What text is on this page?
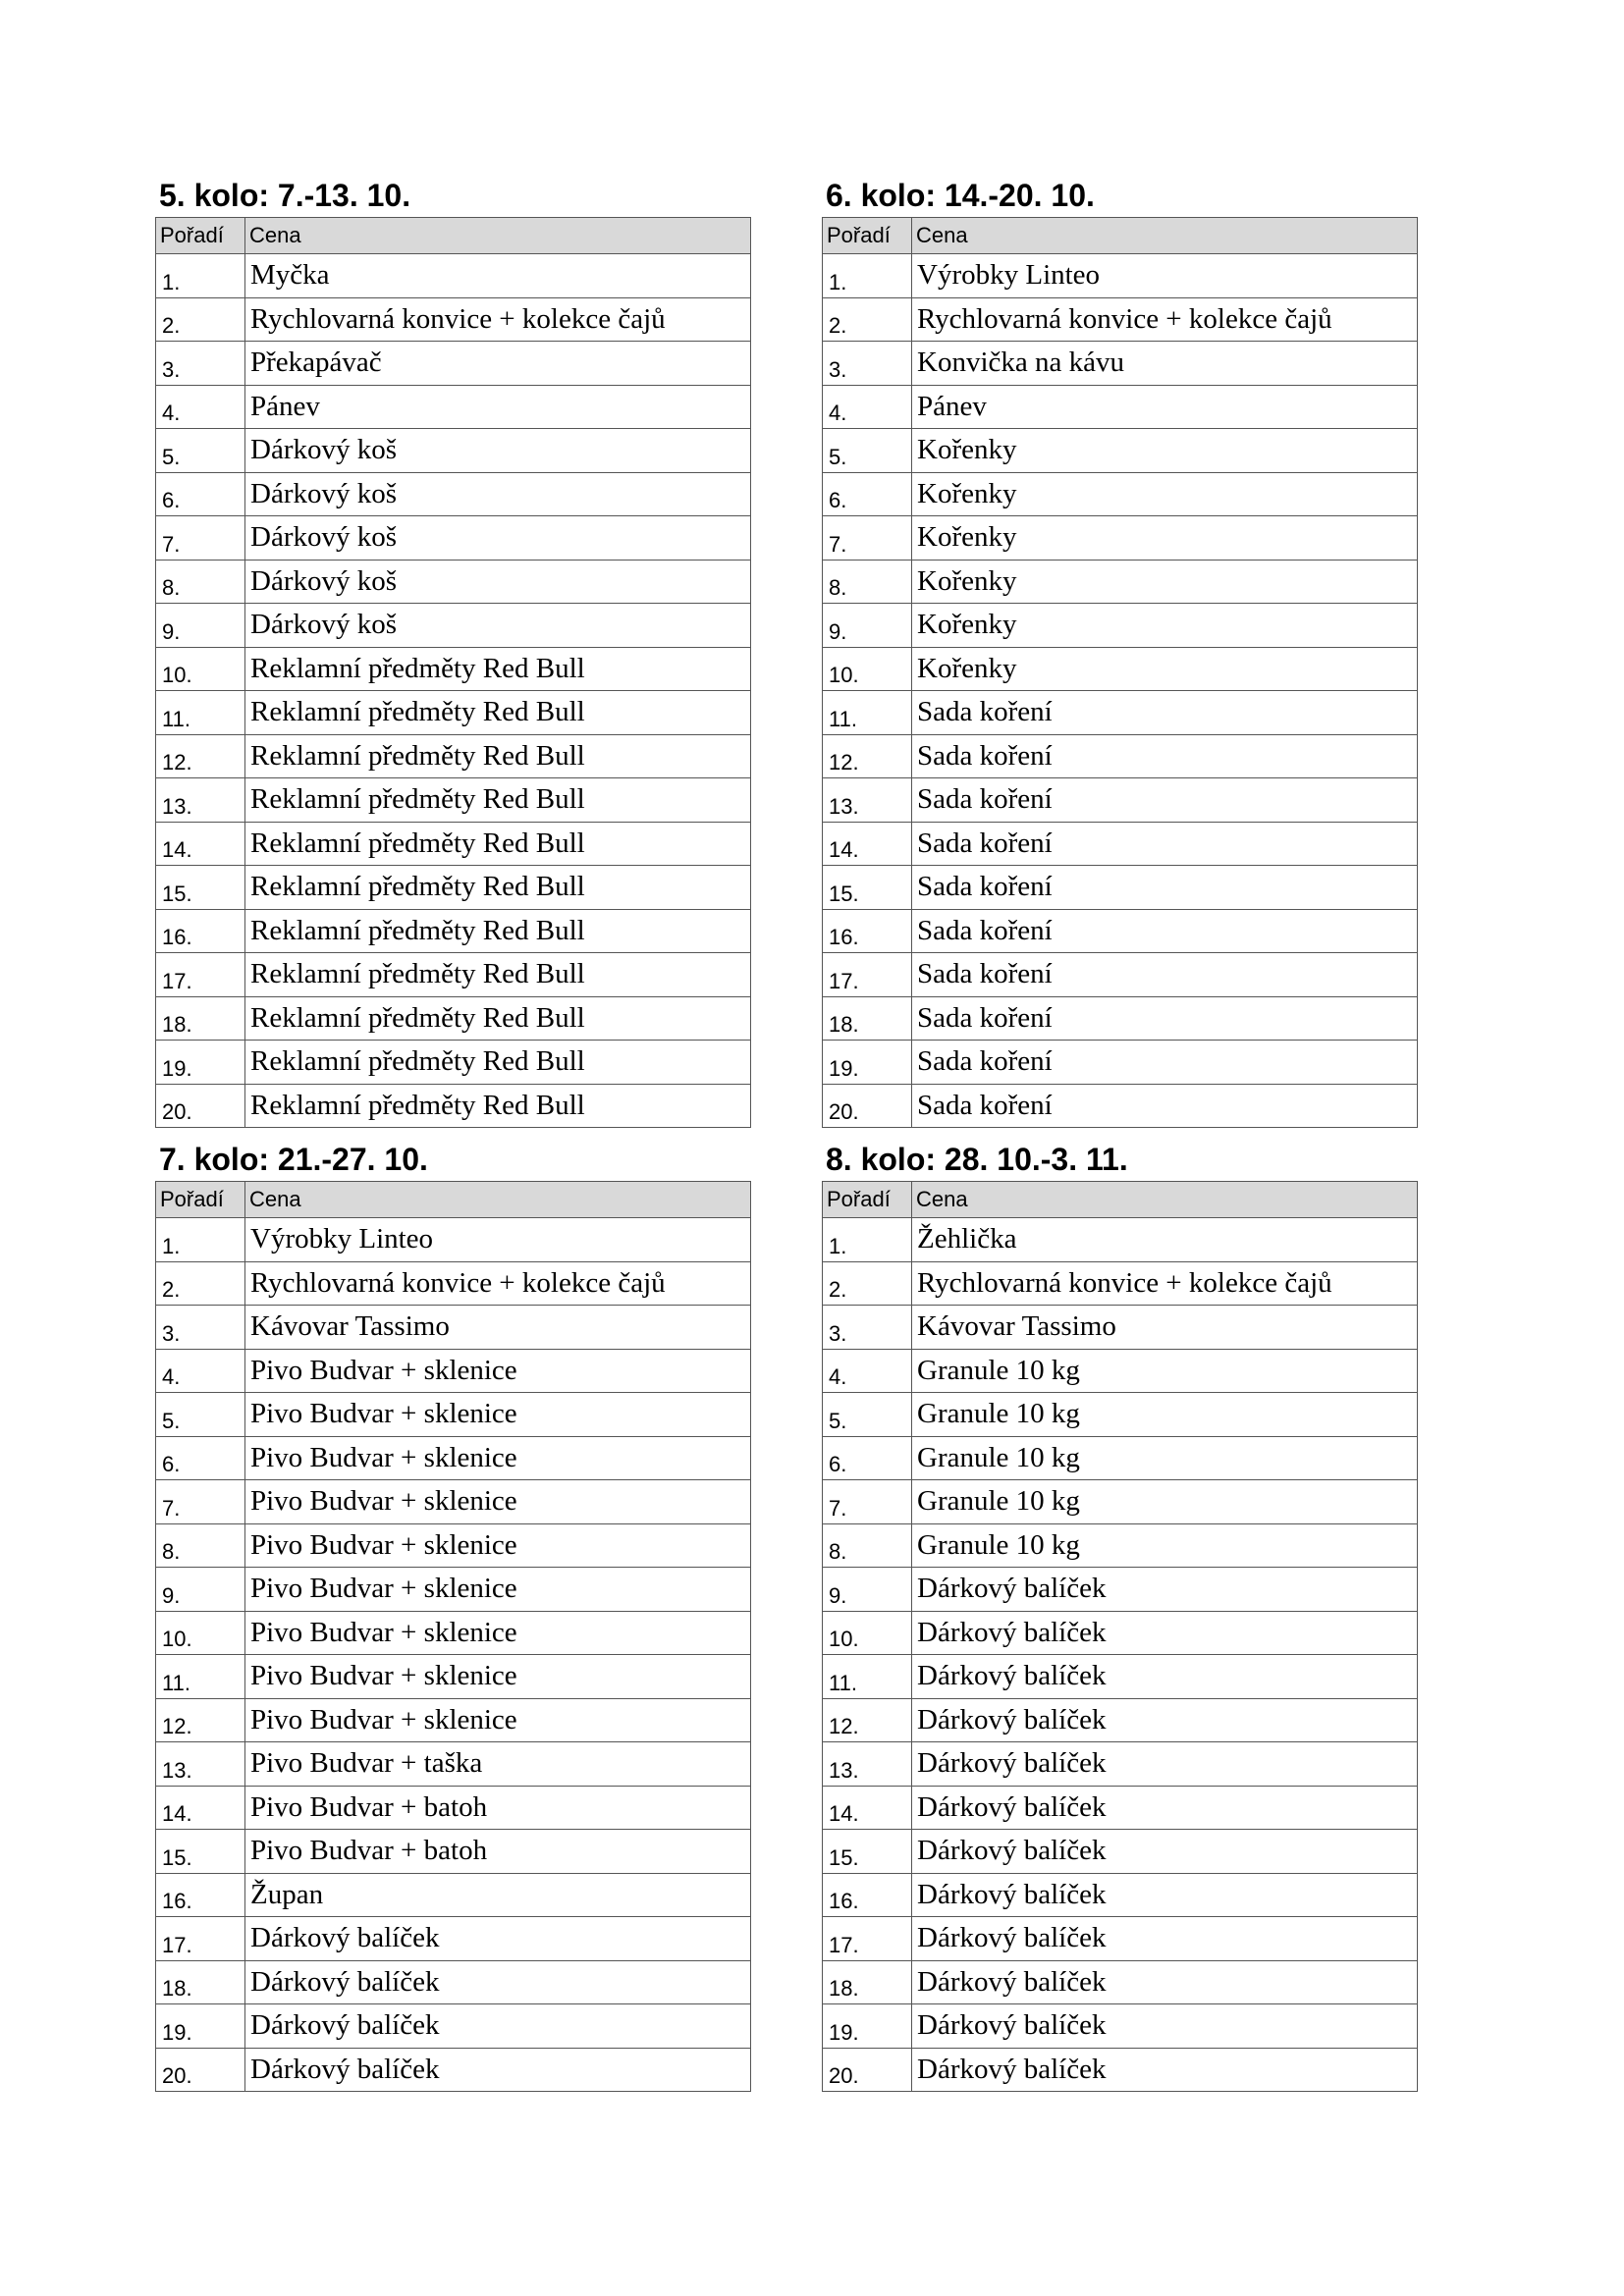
5. kolo: 7.-13. 10.
Pořadí	Cena
1.	Myčka
2.	Rychlovarná konvice + kolekce čajů
3.	Překapávač
4.	Pánev
5.	Dárkový koš
6.	Dárkový koš
7.	Dárkový koš
8.	Dárkový koš
9.	Dárkový koš
10.	Reklamní předměty Red Bull
11.	Reklamní předměty Red Bull
12.	Reklamní předměty Red Bull
13.	Reklamní předměty Red Bull
14.	Reklamní předměty Red Bull
15.	Reklamní předměty Red Bull
16.	Reklamní předměty Red Bull
17.	Reklamní předměty Red Bull
18.	Reklamní předměty Red Bull
19.	Reklamní předměty Red Bull
20.	Reklamní předměty Red Bull
6. kolo: 14.-20. 10.
Pořadí	Cena
1.	Výrobky Linteo
2.	Rychlovarná konvice + kolekce čajů
3.	Konvička na kávu
4.	Pánev
5.	Kořenky
6.	Kořenky
7.	Kořenky
8.	Kořenky
9.	Kořenky
10.	Kořenky
11.	Sada koření
12.	Sada koření
13.	Sada koření
14.	Sada koření
15.	Sada koření
16.	Sada koření
17.	Sada koření
18.	Sada koření
19.	Sada koření
20.	Sada koření
7. kolo: 21.-27. 10.
Pořadí	Cena
1.	Výrobky Linteo
2.	Rychlovarná konvice + kolekce čajů
3.	Kávovar Tassimo
4.	Pivo Budvar + sklenice
5.	Pivo Budvar + sklenice
6.	Pivo Budvar + sklenice
7.	Pivo Budvar + sklenice
8.	Pivo Budvar + sklenice
9.	Pivo Budvar + sklenice
10.	Pivo Budvar + sklenice
11.	Pivo Budvar + sklenice
12.	Pivo Budvar + sklenice
13.	Pivo Budvar + taška
14.	Pivo Budvar + batoh
15.	Pivo Budvar + batoh
16.	Župan
17.	Dárkový balíček
18.	Dárkový balíček
19.	Dárkový balíček
20.	Dárkový balíček
8. kolo: 28. 10.-3. 11.
Pořadí	Cena
1.	Žehlička
2.	Rychlovarná konvice + kolekce čajů
3.	Kávovar Tassimo
4.	Granule 10 kg
5.	Granule 10 kg
6.	Granule 10 kg
7.	Granule 10 kg
8.	Granule 10 kg
9.	Dárkový balíček
10.	Dárkový balíček
11.	Dárkový balíček
12.	Dárkový balíček
13.	Dárkový balíček
14.	Dárkový balíček
15.	Dárkový balíček
16.	Dárkový balíček
17.	Dárkový balíček
18.	Dárkový balíček
19.	Dárkový balíček
20.	Dárkový balíček
